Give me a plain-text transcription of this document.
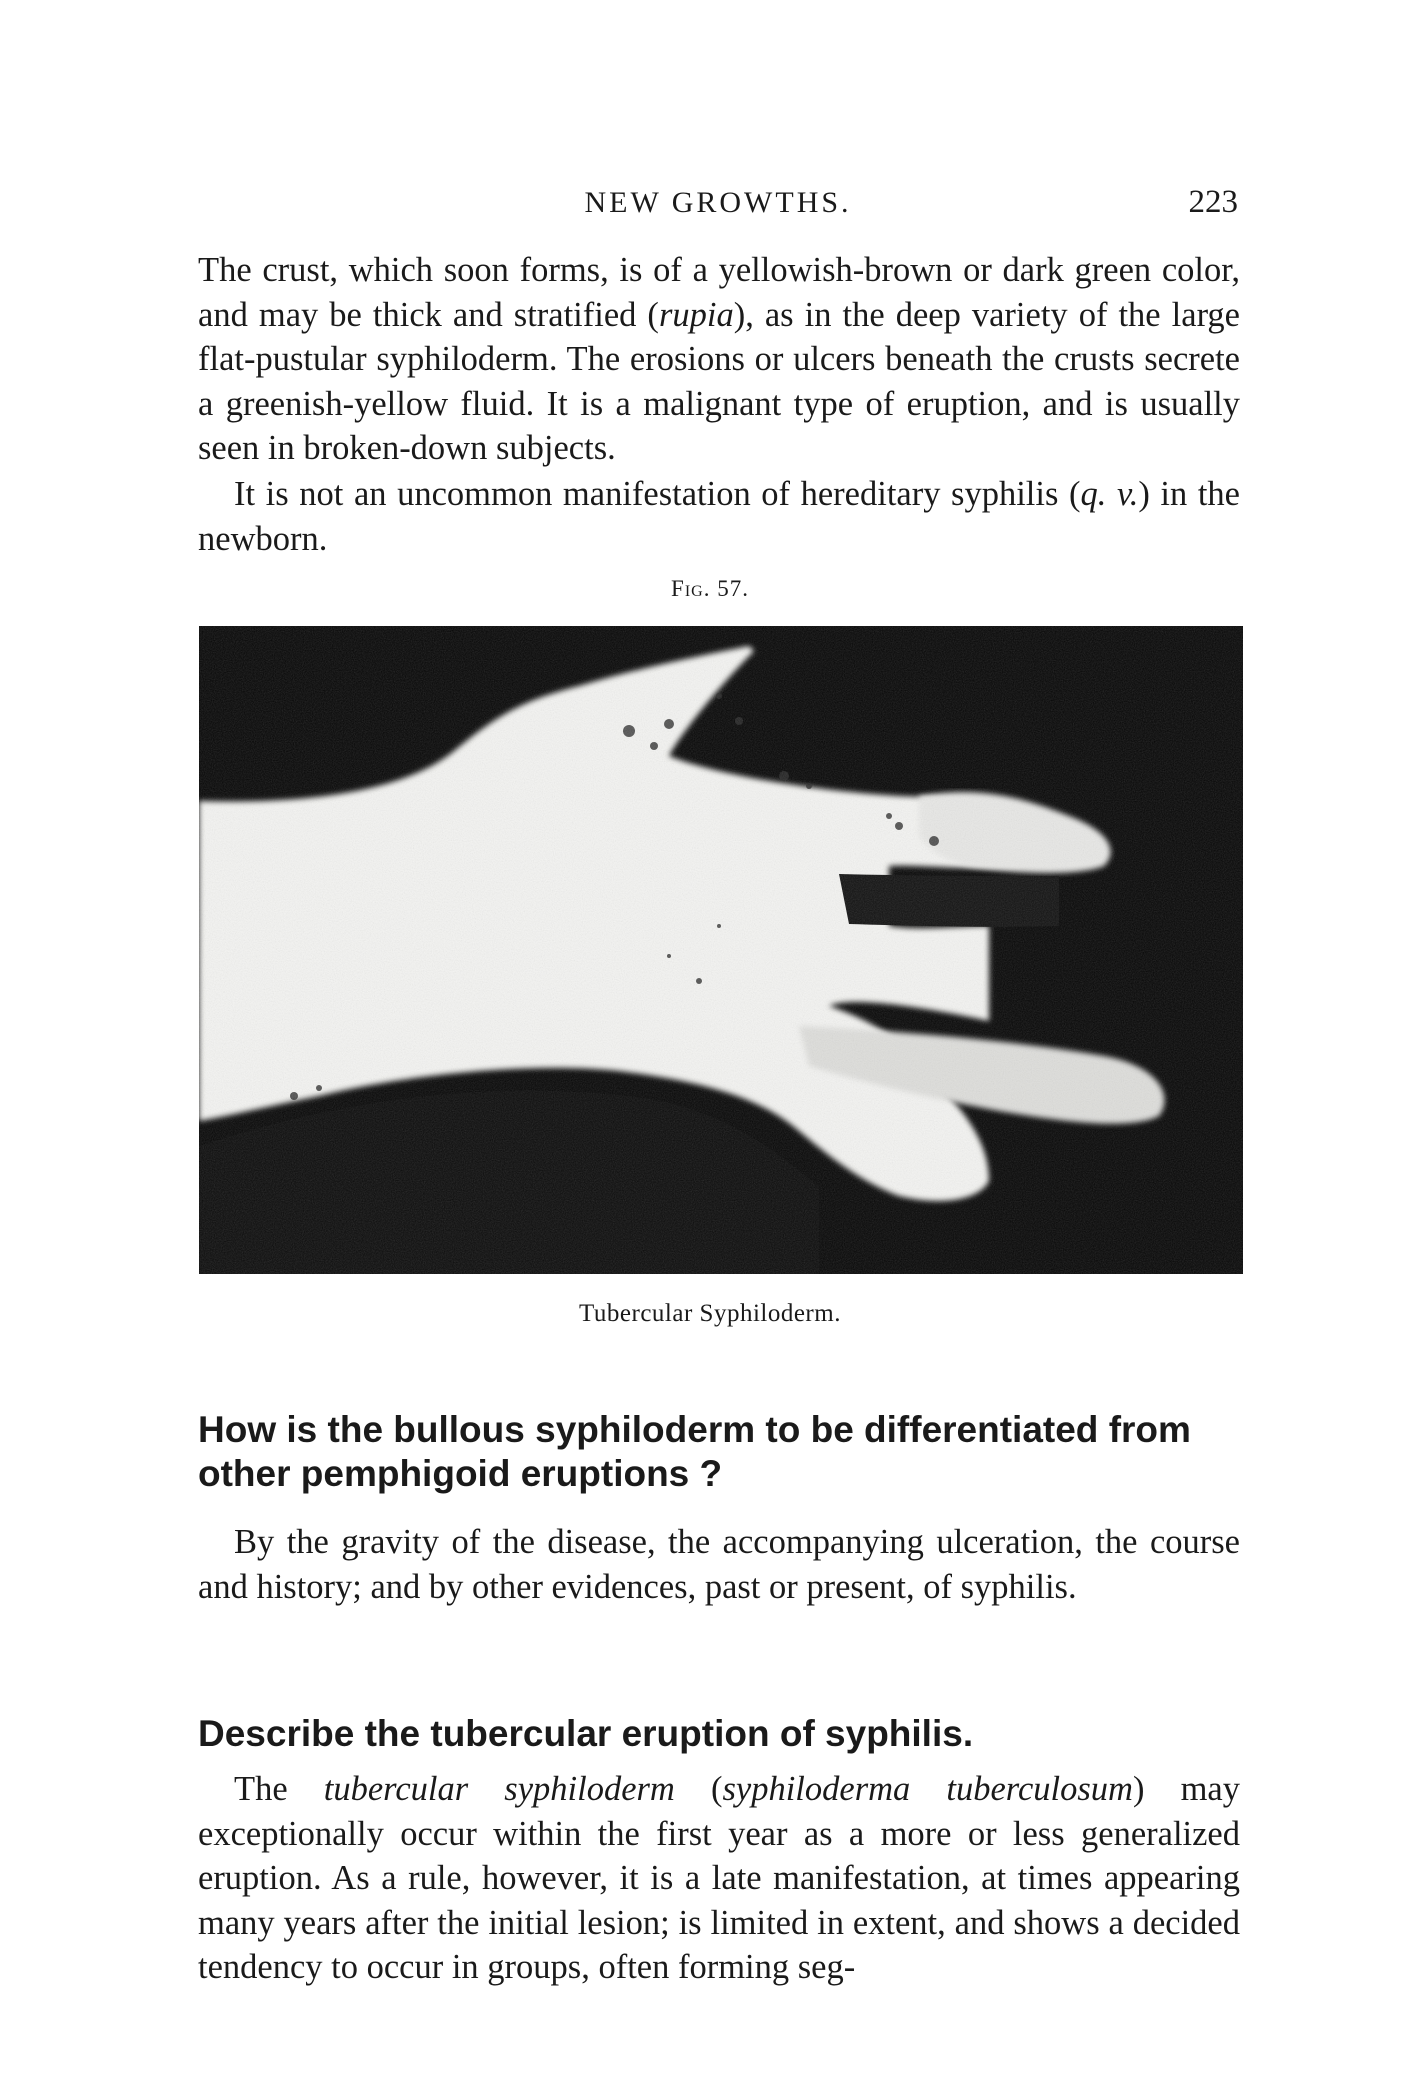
NEW GROWTHS.	223

The crust, which soon forms, is of a yellowish-brown or dark green color, and may be thick and stratified (rupia), as in the deep variety of the large flat-pustular syphiloderm. The erosions or ulcers beneath the crusts secrete a greenish-yellow fluid. It is a malignant type of eruption, and is usually seen in broken-down subjects.

It is not an uncommon manifestation of hereditary syphilis (q. v.) in the newborn.

Fig. 57.
Tubercular Syphiloderm.
How is the bullous syphiloderm to be differentiated from other pemphigoid eruptions ?

By the gravity of the disease, the accompanying ulceration, the course and history; and by other evidences, past or present, of syphilis.

Describe the tubercular eruption of syphilis.

The tubercular syphiloderm (syphiloderma tuberculosum) may exceptionally occur within the first year as a more or less generalized eruption. As a rule, however, it is a late manifestation, at times appearing many years after the initial lesion; is limited in extent, and shows a decided tendency to occur in groups, often forming seg-
